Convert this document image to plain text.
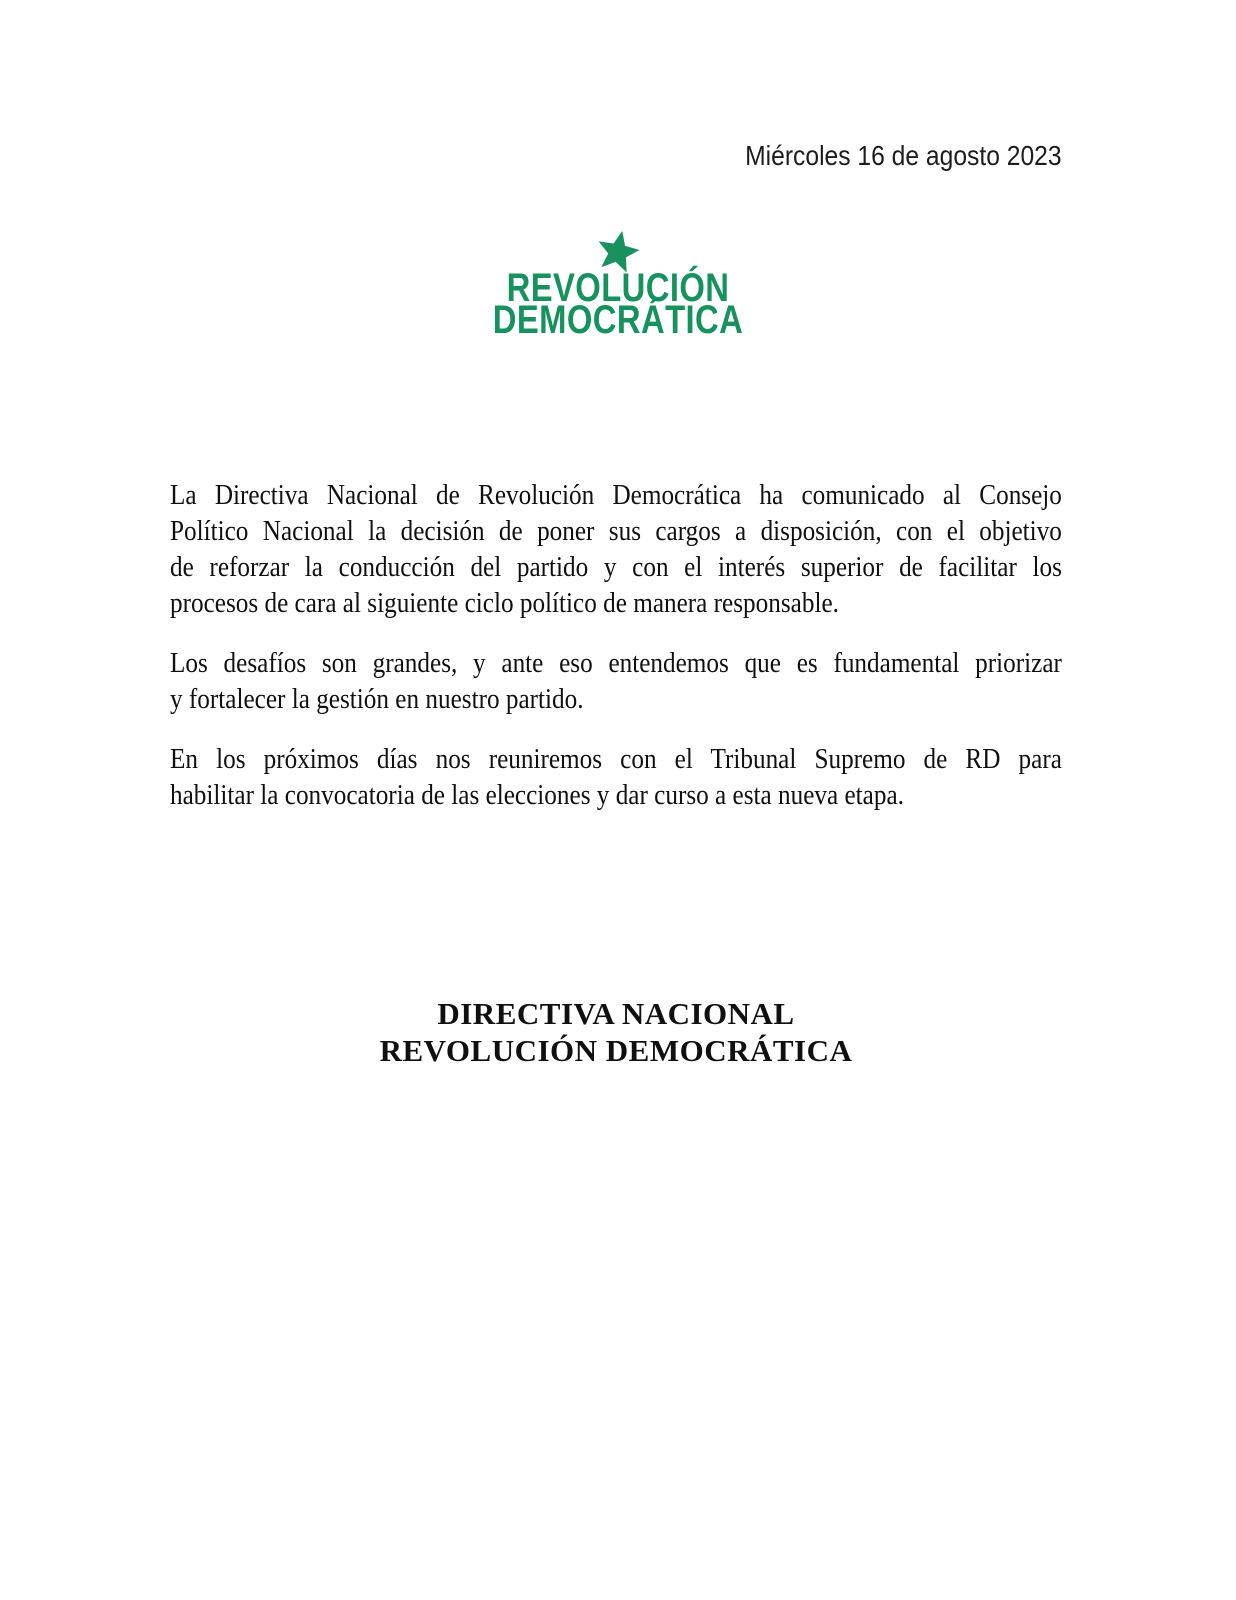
Miércoles 16 de agosto 2023
REVOLUCIÓN
DEMOCRÁTICA
La Directiva Nacional de Revolución Democrática ha comunicado al Consejo
Político Nacional la decisión de poner sus cargos a disposición, con el objetivo
de reforzar la conducción del partido y con el interés superior de facilitar los
procesos de cara al siguiente ciclo político de manera responsable.
Los desafíos son grandes, y ante eso entendemos que es fundamental priorizar
y fortalecer la gestión en nuestro partido.
En los próximos días nos reuniremos con el Tribunal Supremo de RD para
habilitar la convocatoria de las elecciones y dar curso a esta nueva etapa.
DIRECTIVA NACIONAL
REVOLUCIÓN DEMOCRÁTICA
